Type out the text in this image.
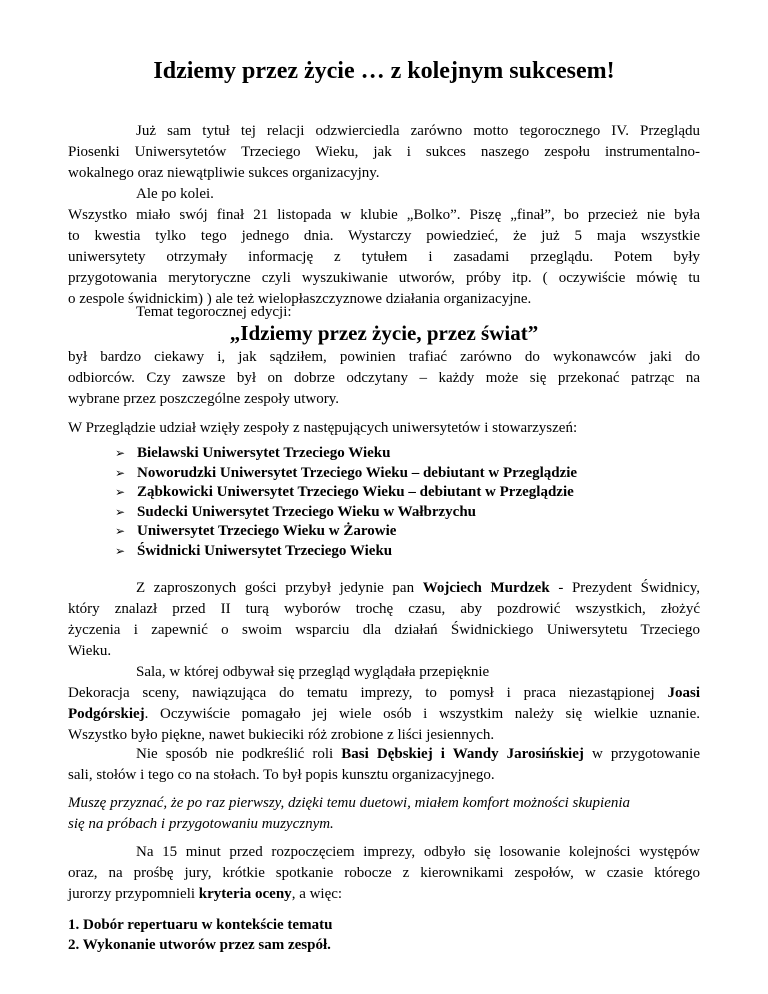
Idziemy przez życie … z kolejnym sukcesem!
Już sam tytuł tej relacji odzwierciedla zarówno motto tegorocznego IV. Przeglądu
Piosenki Uniwersytetów Trzeciego Wieku, jak i sukces naszego zespołu instrumentalno-
wokalnego oraz niewątpliwie sukces organizacyjny.
Ale po kolei.
Wszystko miało swój finał 21 listopada w klubie „Bolko”. Piszę „finał”, bo przecież nie była
to kwestia tylko tego jednego dnia. Wystarczy powiedzieć, że już 5 maja wszystkie
uniwersytety otrzymały informację z tytułem i zasadami przeglądu. Potem były
przygotowania merytoryczne czyli wyszukiwanie utworów, próby itp. ( oczywiście mówię tu
o zespole świdnickim) ) ale też wielopłaszczyznowe działania organizacyjne.
Temat tegorocznej edycji:
„Idziemy przez życie, przez świat”
był bardzo ciekawy i, jak sądziłem, powinien trafiać zarówno do wykonawców jaki do
odbiorców. Czy zawsze był on dobrze odczytany – każdy może się przekonać patrząc na
wybrane przez poszczególne zespoły utwory.
W Przeglądzie udział wzięły zespoły z następujących uniwersytetów i stowarzyszeń:
➢ Bielawski Uniwersytet Trzeciego Wieku
➢ Noworudzki Uniwersytet Trzeciego Wieku – debiutant w Przeglądzie
➢ Ząbkowicki Uniwersytet Trzeciego Wieku – debiutant w Przeglądzie
➢ Sudecki Uniwersytet Trzeciego Wieku w Wałbrzychu
➢ Uniwersytet Trzeciego Wieku w Żarowie
➢ Świdnicki Uniwersytet Trzeciego Wieku
Z zaproszonych gości przybył jedynie pan Wojciech Murdzek - Prezydent Świdnicy,
który znalazł przed II turą wyborów trochę czasu, aby pozdrowić wszystkich, złożyć
życzenia i zapewnić o swoim wsparciu dla działań Świdnickiego Uniwersytetu Trzeciego
Wieku.
Sala, w której odbywał się przegląd wyglądała przepięknie
Dekoracja sceny, nawiązująca do tematu imprezy, to pomysł i praca niezastąpionej Joasi
Podgórskiej. Oczywiście pomagało jej wiele osób i wszystkim należy się wielkie uznanie.
Wszystko było piękne, nawet bukieciki róż zrobione z liści jesiennych.
Nie sposób nie podkreślić roli Basi Dębskiej i Wandy Jarosińskiej w przygotowanie
sali, stołów i tego co na stołach. To był popis kunsztu organizacyjnego.
Muszę przyznać, że po raz pierwszy, dzięki temu duetowi, miałem komfort możności skupienia
się na próbach i przygotowaniu muzycznym.
Na 15 minut przed rozpoczęciem imprezy, odbyło się losowanie kolejności występów
oraz, na prośbę jury, krótkie spotkanie robocze z kierownikami zespołów, w czasie którego
jurorzy przypomnieli kryteria oceny, a więc:
1. Dobór repertuaru w kontekście tematu
2. Wykonanie utworów przez sam zespół.
